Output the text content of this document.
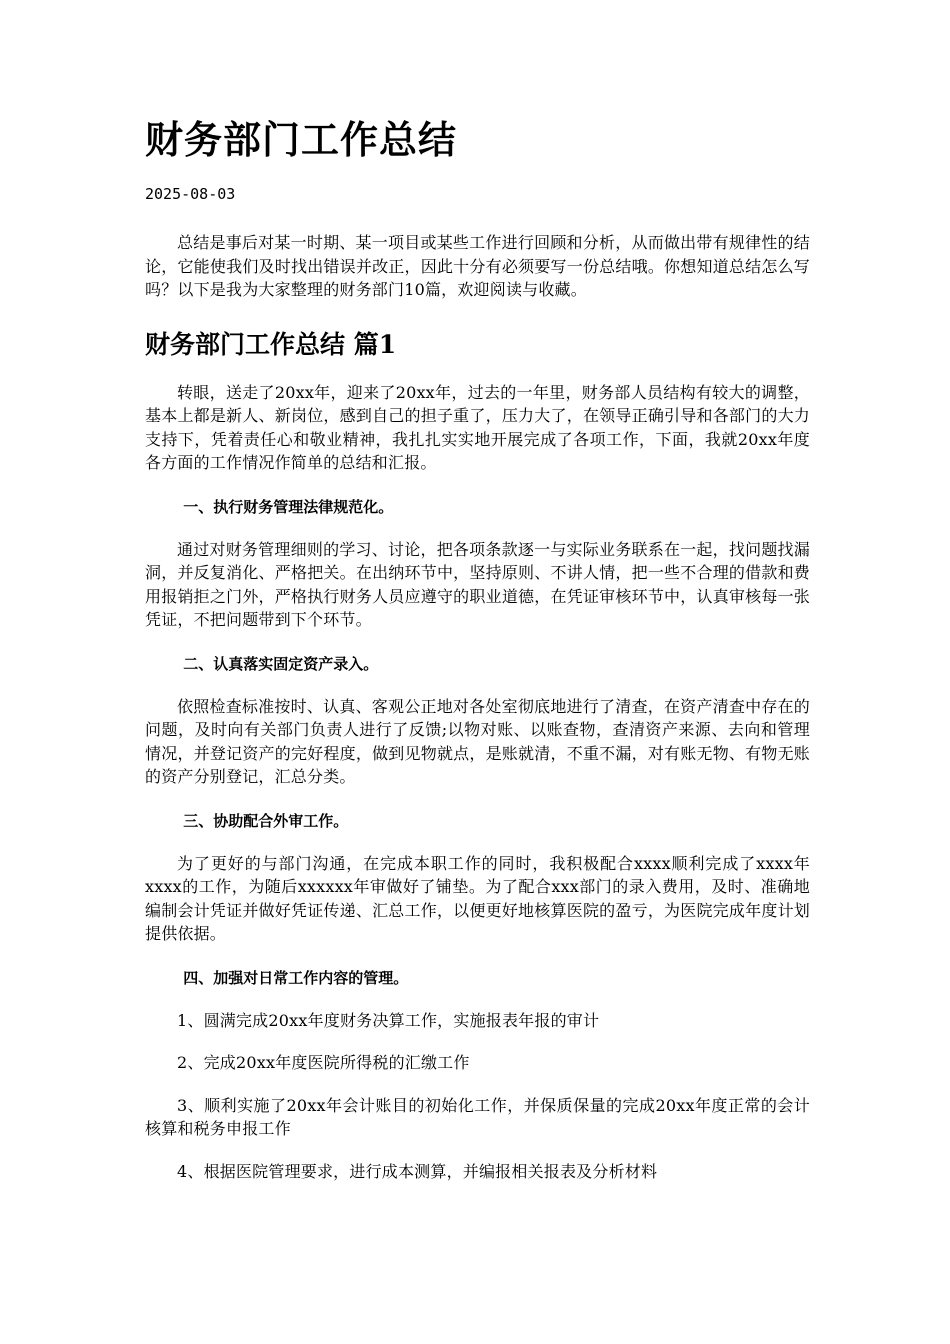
财务部门工作总结
2025-08-03

总结是事后对某一时期、某一项目或某些工作进行回顾和分析，从而做出带有规律性的结论，它能使我们及时找出错误并改正，因此十分有必须要写一份总结哦。你想知道总结怎么写吗？以下是我为大家整理的财务部门10篇，欢迎阅读与收藏。

财务部门工作总结 篇1

转眼，送走了20xx年，迎来了20xx年，过去的一年里，财务部人员结构有较大的调整，基本上都是新人、新岗位，感到自己的担子重了，压力大了，在领导正确引导和各部门的大力支持下，凭着责任心和敬业精神，我扎扎实实地开展完成了各项工作，下面，我就20xx年度各方面的工作情况作简单的总结和汇报。

一、执行财务管理法律规范化。

通过对财务管理细则的学习、讨论，把各项条款逐一与实际业务联系在一起，找问题找漏洞，并反复消化、严格把关。在出纳环节中，坚持原则、不讲人情，把一些不合理的借款和费用报销拒之门外，严格执行财务人员应遵守的职业道德，在凭证审核环节中，认真审核每一张凭证，不把问题带到下个环节。

二、认真落实固定资产录入。

依照检查标准按时、认真、客观公正地对各处室彻底地进行了清查，在资产清查中存在的问题，及时向有关部门负责人进行了反馈;以物对账、以账查物，查清资产来源、去向和管理情况，并登记资产的完好程度，做到见物就点，是账就清，不重不漏，对有账无物、有物无账的资产分别登记，汇总分类。

三、协助配合外审工作。

为了更好的与部门沟通，在完成本职工作的同时，我积极配合xxxx顺利完成了xxxx年xxxx的工作，为随后xxxxxx年审做好了铺垫。为了配合xxx部门的录入费用，及时、准确地编制会计凭证并做好凭证传递、汇总工作，以便更好地核算医院的盈亏，为医院完成年度计划提供依据。

四、加强对日常工作内容的管理。

1、圆满完成20xx年度财务决算工作，实施报表年报的审计

2、完成20xx年度医院所得税的汇缴工作

3、顺利实施了20xx年会计账目的初始化工作，并保质保量的完成20xx年度正常的会计核算和税务申报工作

4、根据医院管理要求，进行成本测算，并编报相关报表及分析材料
